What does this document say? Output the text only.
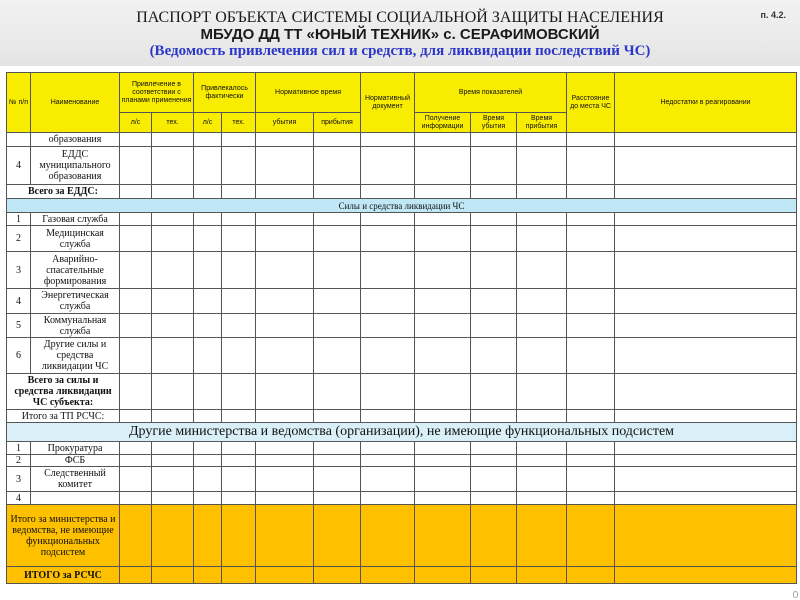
ПАСПОРТ ОБЪЕКТА СИСТЕМЫ СОЦИАЛЬНОЙ ЗАЩИТЫ НАСЕЛЕНИЯ
МБУДО ДД ТТ «ЮНЫЙ ТЕХНИК» с. СЕРАФИМОВСКИЙ
(Ведомость привлечения сил и средств, для ликвидации последствий ЧС)
п. 4.2.
№ п/п	Наименование	Привлечение в соответствии с планами применения		Привлекалось фактически		Нормативное время		Нормативный документ	Время показателей			Расстояние до места ЧС	Недостатки в реагировании
		л/с	тех.	л/с	тех.	убытия	прибытия		Получение информации	Время убытия	Время прибытия		
	образования												
4	ЕДДС муниципального образования												
Всего за ЕДДС:													
Силы и средства ликвидации ЧС													
1	Газовая служба												
2	Медицинская служба												
3	Аварийно-спасательные формирования												
4	Энергетическая служба												
5	Коммунальная служба												
6	Другие силы и средства ликвидации ЧС												
Всего за силы и средства ликвидации ЧС субъекта:													
Итого за ТП РСЧС:													
Другие министерства и ведомства (организации), не имеющие функциональных подсистем													
1	Прокуратура												
2	ФСБ												
3	Следственный комитет												
4													
Итого за министерства и ведомства, не имеющие функциональных подсистем													
ИТОГО за РСЧС													
